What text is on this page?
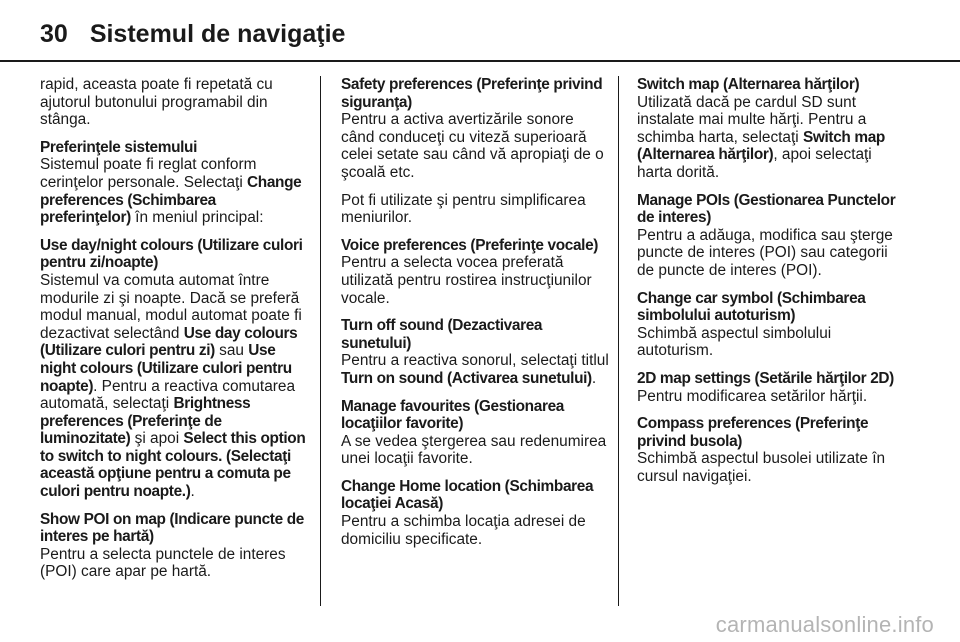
30 Sistemul de navigaţie

rapid, aceasta poate fi repetată cu ajutorul butonului programabil din stânga.

Preferinţele sistemului
Sistemul poate fi reglat conform cerinţelor personale. Selectaţi Change preferences (Schimbarea preferinţelor) în meniul principal:
Use day/night colours (Utilizare culori pentru zi/noapte)
Sistemul va comuta automat între modurile zi şi noapte. Dacă se preferă modul manual, modul automat poate fi dezactivat selectând Use day colours (Utilizare culori pentru zi) sau Use night colours (Utilizare culori pentru noapte). Pentru a reactiva comutarea automată, selectaţi Brightness preferences (Preferinţe de luminozitate) şi apoi Select this option to switch to night colours. (Selectaţi această opţiune pentru a comuta pe culori pentru noapte.).
Show POI on map (Indicare puncte de interes pe hartă)
Pentru a selecta punctele de interes (POI) care apar pe hartă.
Safety preferences (Preferinţe privind siguranţa)
Pentru a activa avertizările sonore când conduceţi cu viteză superioară celei setate sau când vă apropiaţi de o şcoală etc.

Pot fi utilizate şi pentru simplificarea meniurilor.

Voice preferences (Preferinţe vocale)
Pentru a selecta vocea preferată utilizată pentru rostirea instrucţiunilor vocale.
Turn off sound (Dezactivarea sunetului)
Pentru a reactiva sonorul, selectaţi titlul Turn on sound (Activarea sunetului).
Manage favourites (Gestionarea locaţiilor favorite)
A se vedea ştergerea sau redenumirea unei locaţii favorite.
Change Home location (Schimbarea locaţiei Acasă)
Pentru a schimba locaţia adresei de domiciliu specificate.
Switch map (Alternarea hărţilor)
Utilizată dacă pe cardul SD sunt instalate mai multe hărţi. Pentru a schimba harta, selectaţi Switch map (Alternarea hărţilor), apoi selectaţi harta dorită.
Manage POIs (Gestionarea Punctelor de interes)
Pentru a adăuga, modifica sau şterge puncte de interes (POI) sau categorii de puncte de interes (POI).
Change car symbol (Schimbarea simbolului autoturism)
Schimbă aspectul simbolului autoturism.
2D map settings (Setările hărţilor 2D)
Pentru modificarea setărilor hărţii.
Compass preferences (Preferinţe privind busola)
Schimbă aspectul busolei utilizate în cursul navigaţiei.
carmanualsonline.info
